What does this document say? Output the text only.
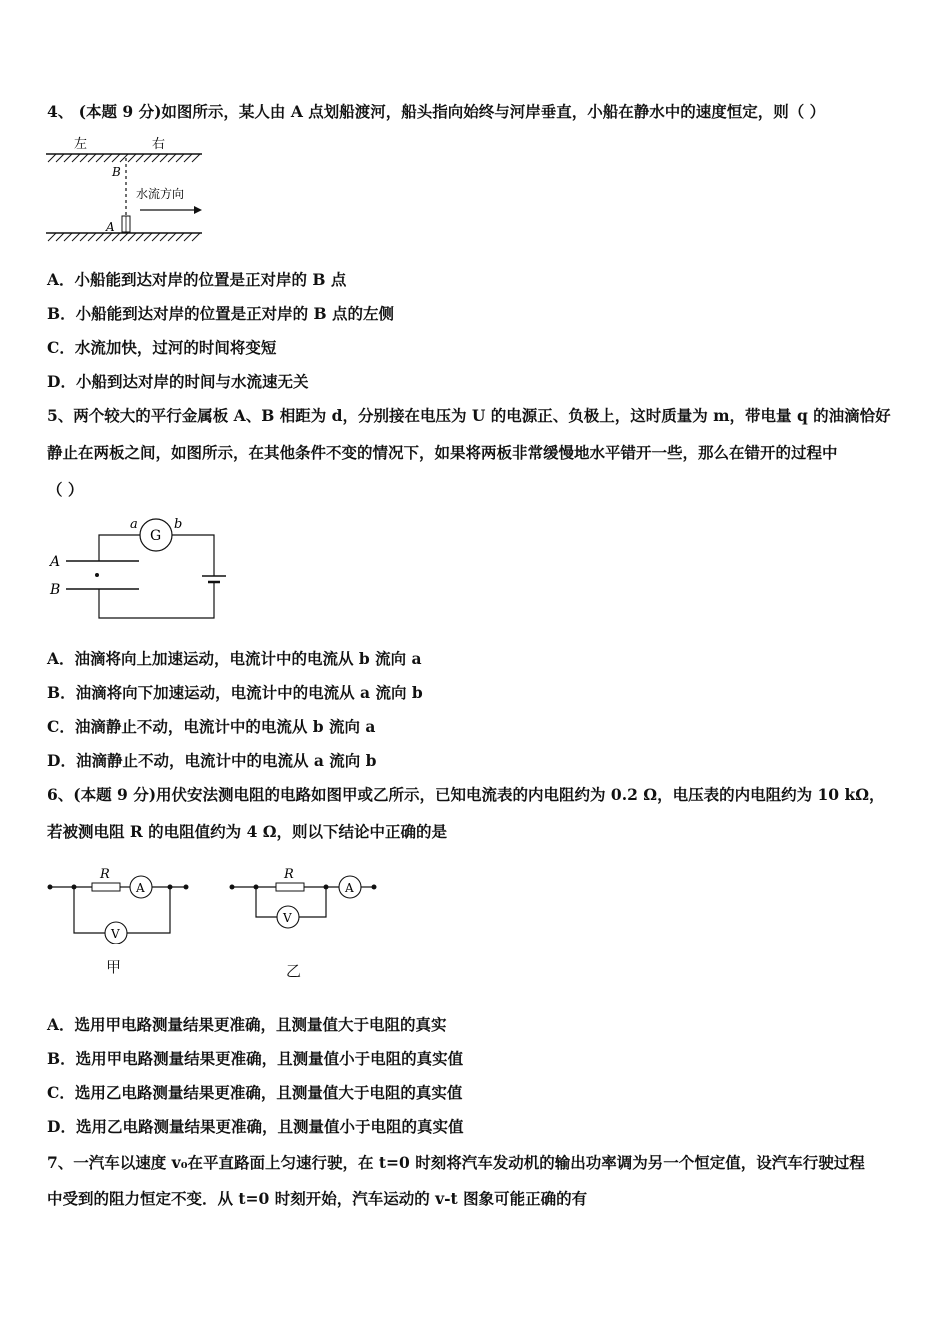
4、 (本题 9 分)如图所示，某人由 A 点划船渡河，船头指向始终与河岸垂直，小船在静水中的速度恒定，则（ ）
左	右
B
水流方向
A
A．小船能到达对岸的位置是正对岸的 B 点
B．小船能到达对岸的位置是正对岸的 B 点的左侧
C．水流加快，过河的时间将变短
D．小船到达对岸的时间与水流速无关
5、两个较大的平行金属板 A、B 相距为 d，分别接在电压为 U 的电源正、负极上，这时质量为 m，带电量 q 的油滴恰好
静止在两板之间，如图所示，在其他条件不变的情况下，如果将两板非常缓慢地水平错开一些，那么在错开的过程中
（ ）
A
B
G
a	b
A．油滴将向上加速运动，电流计中的电流从 b 流向 a
B．油滴将向下加速运动，电流计中的电流从 a 流向 b
C．油滴静止不动，电流计中的电流从 b 流向 a
D．油滴静止不动，电流计中的电流从 a 流向 b
6、(本题 9 分)用伏安法测电阻的电路如图甲或乙所示，已知电流表的内电阻约为 0.2 Ω，电压表的内电阻约为 10 kΩ，
若被测电阻 R 的电阻值约为 4 Ω，则以下结论中正确的是
R
A
V
甲
R
A
V
乙
A．选用甲电路测量结果更准确，且测量值大于电阻的真实
B．选用甲电路测量结果更准确，且测量值小于电阻的真实值
C．选用乙电路测量结果更准确，且测量值大于电阻的真实值
D．选用乙电路测量结果更准确，且测量值小于电阻的真实值
7、一汽车以速度 v₀在平直路面上匀速行驶，在 t=0 时刻将汽车发动机的输出功率调为另一个恒定值，设汽车行驶过程
中受到的阻力恒定不变．从 t=0 时刻开始，汽车运动的 v-t 图象可能正确的有
